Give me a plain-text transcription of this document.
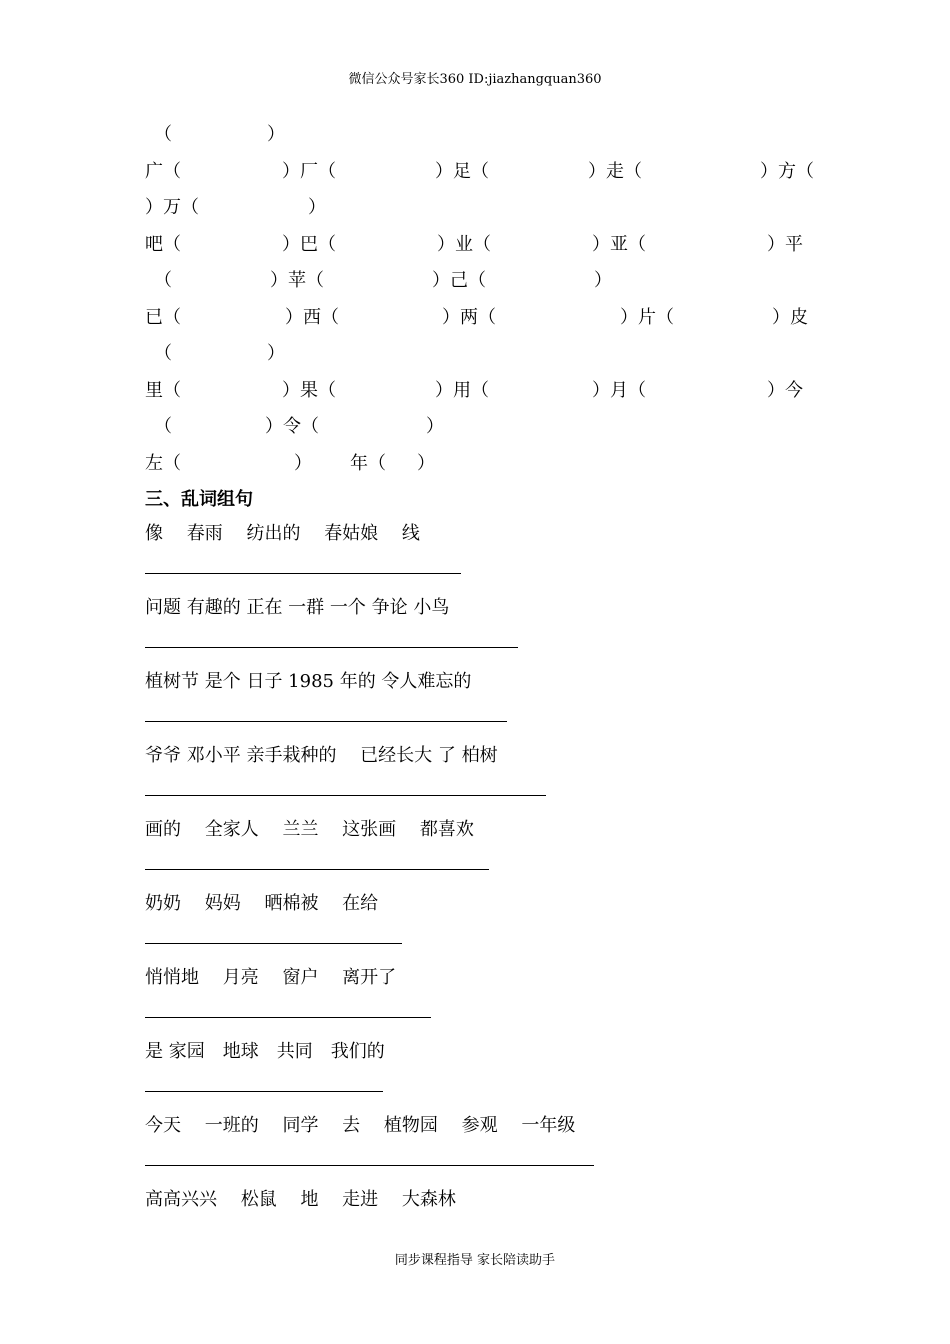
微信公众号家长360 ID:jiazhangquan360
（	）
广（	）厂（	）足（	）走（	）方（
）万（	）
吧（	）巴（	）业（	）亚（	）平
（	）苹（	）己（	）
已（	）西（	）两（	）片（	）皮
（	）
里（	）果（	）用（	）月（	）今
（	）令（	）
左（	） 年（ ）
三、乱词组句
像　 春雨　 纺出的　 春姑娘　 线
问题 有趣的 正在 一群 一个 争论 小鸟
植树节 是个 日子 1985 年的 令人难忘的
爷爷 邓小平 亲手栽种的　 已经长大 了 柏树
画的　 全家人　 兰兰　 这张画　 都喜欢
奶奶　 妈妈　 晒棉被　 在给
悄悄地　 月亮　 窗户　 离开了
是 家园　地球　共同　我们的
今天　 一班的　 同学　 去　 植物园　 参观　 一年级
高高兴兴　 松鼠　 地　 走进　 大森林
同步课程指导 家长陪读助手
